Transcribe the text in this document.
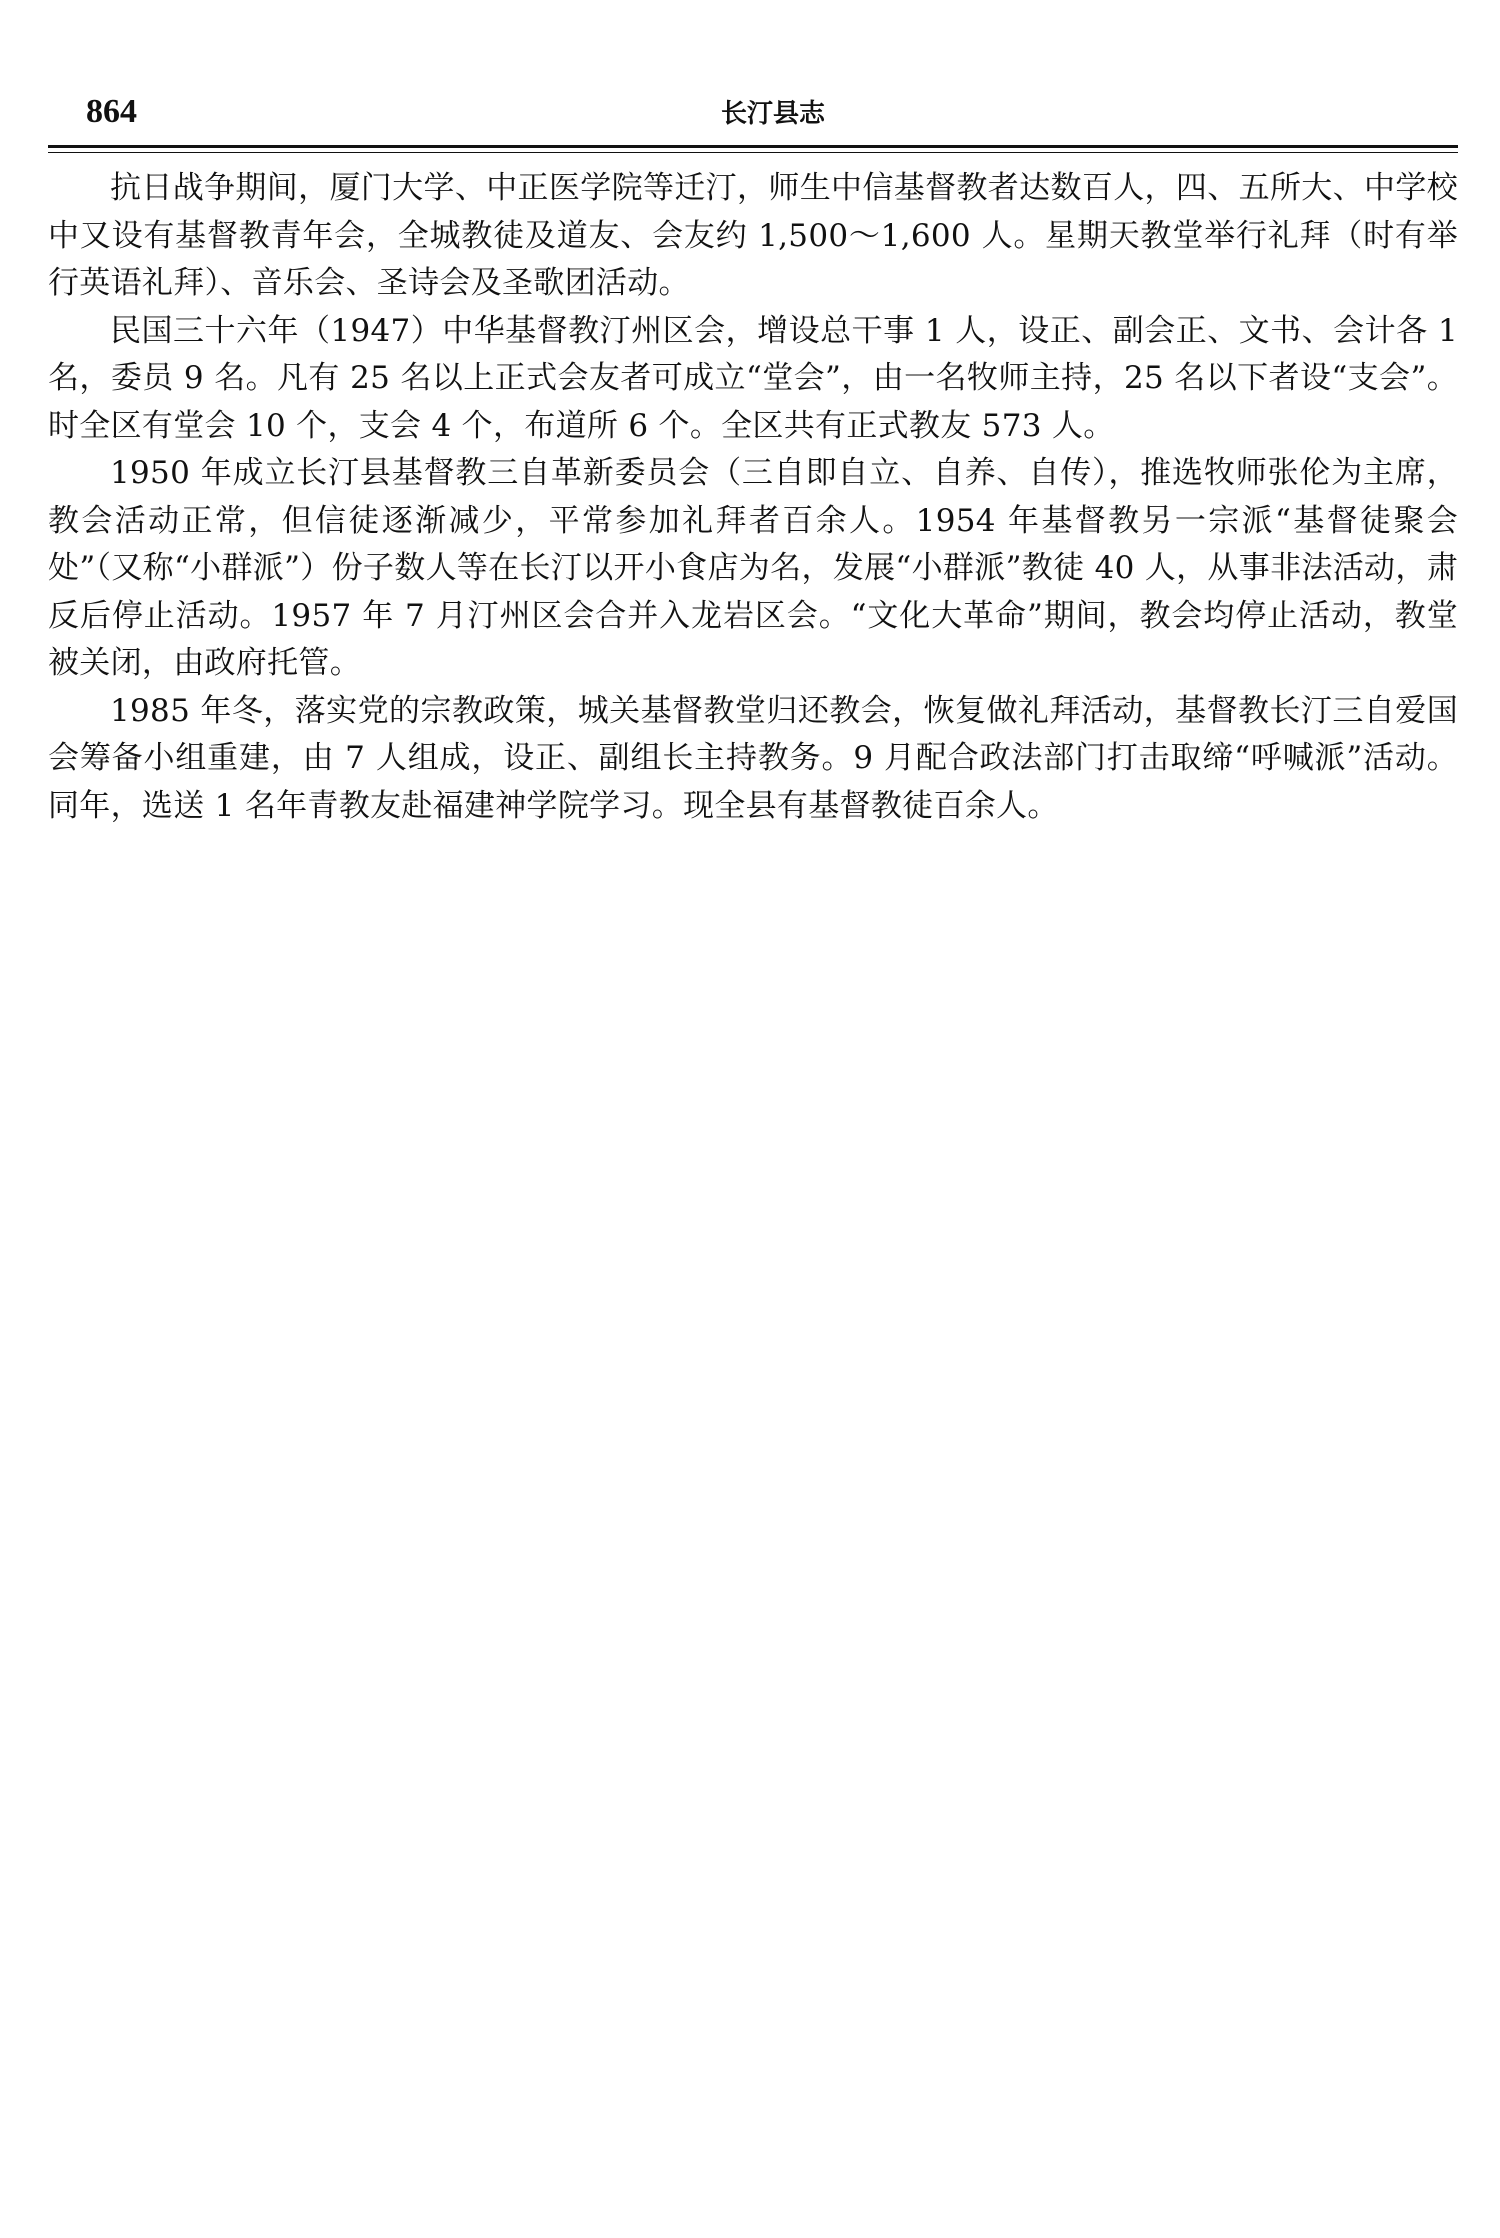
864	长汀县志

抗日战争期间，厦门大学、中正医学院等迁汀，师生中信基督教者达数百人，四、五所大、中学校中又设有基督教青年会，全城教徒及道友、会友约 1,500～1,600 人。星期天教堂举行礼拜（时有举行英语礼拜）、音乐会、圣诗会及圣歌团活动。

民国三十六年（1947）中华基督教汀州区会，增设总干事 1 人，设正、副会正、文书、会计各 1 名，委员 9 名。凡有 25 名以上正式会友者可成立“堂会”，由一名牧师主持，25 名以下者设“支会”。时全区有堂会 10 个，支会 4 个，布道所 6 个。全区共有正式教友 573 人。

1950 年成立长汀县基督教三自革新委员会（三自即自立、自养、自传），推选牧师张伦为主席，教会活动正常，但信徒逐渐减少，平常参加礼拜者百余人。1954 年基督教另一宗派“基督徒聚会处”（又称“小群派”）份子数人等在长汀以开小食店为名，发展“小群派”教徒 40 人，从事非法活动，肃反后停止活动。1957 年 7 月汀州区会合并入龙岩区会。“文化大革命”期间，教会均停止活动，教堂被关闭，由政府托管。

1985 年冬，落实党的宗教政策，城关基督教堂归还教会，恢复做礼拜活动，基督教长汀三自爱国会筹备小组重建，由 7 人组成，设正、副组长主持教务。9 月配合政法部门打击取缔“呼喊派”活动。同年，选送 1 名年青教友赴福建神学院学习。现全县有基督教徒百余人。
